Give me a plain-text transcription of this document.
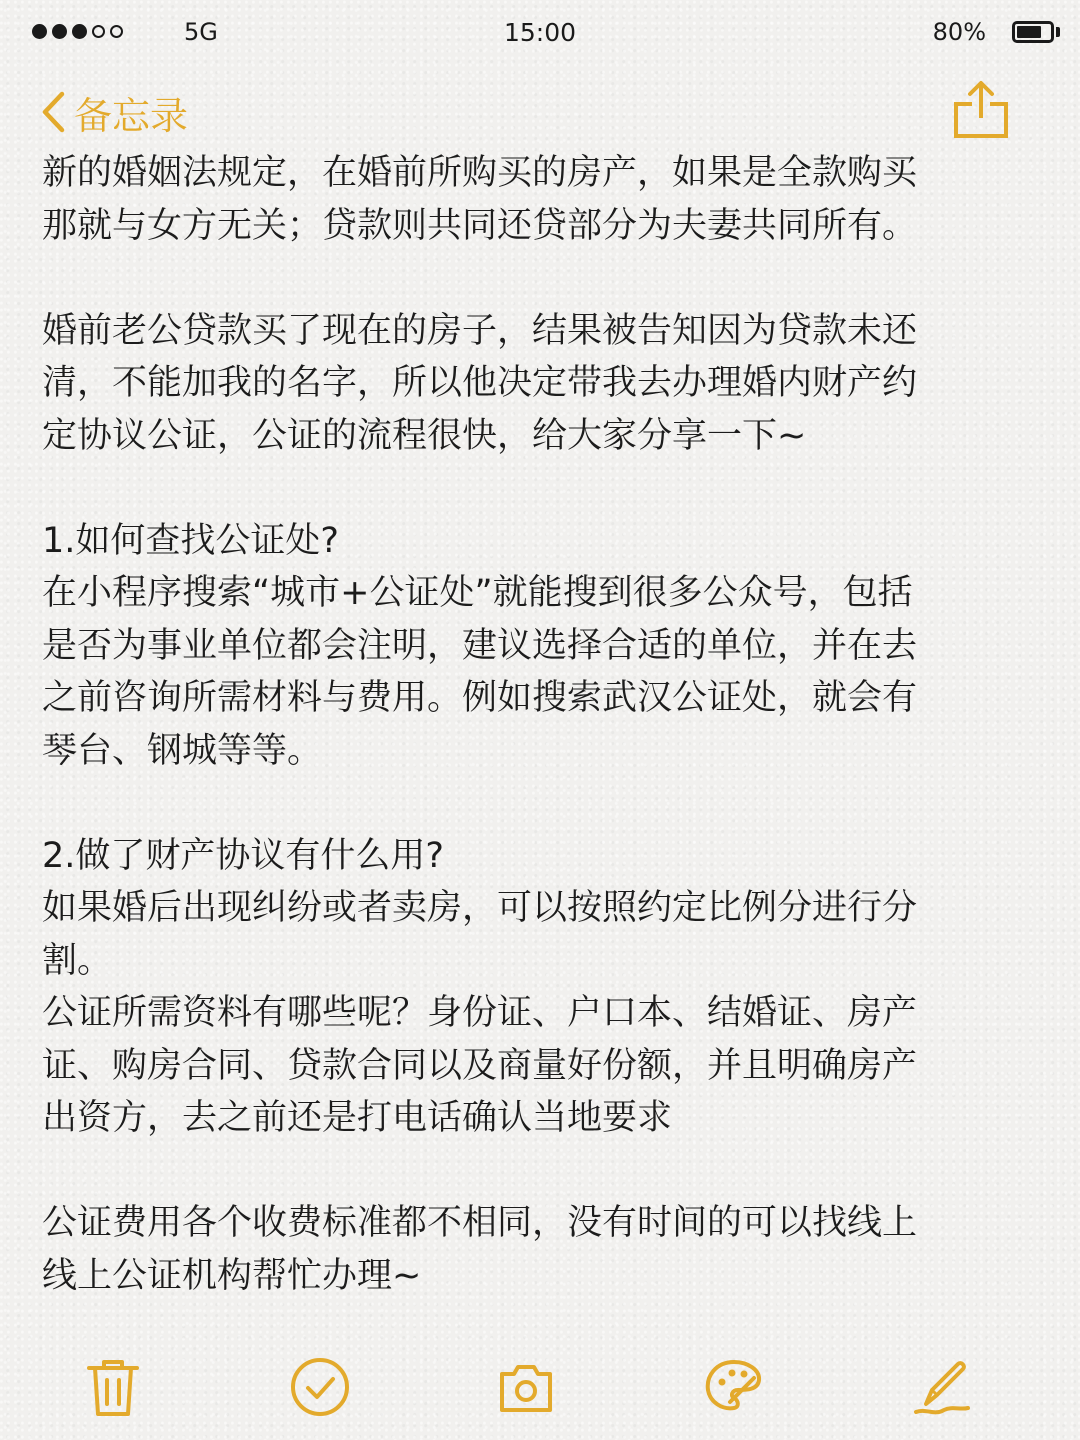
5G	15:00	80%
备忘录
新的婚姻法规定，在婚前所购买的房产，如果是全款购买
那就与女方无关；贷款则共同还贷部分为夫妻共同所有。
婚前老公贷款买了现在的房子，结果被告知因为贷款未还
清，不能加我的名字，所以他决定带我去办理婚内财产约
定协议公证，公证的流程很快，给大家分享一下~
1.如何查找公证处?
在小程序搜索“城市+公证处”就能搜到很多公众号，包括
是否为事业单位都会注明，建议选择合适的单位，并在去
之前咨询所需材料与费用。例如搜索武汉公证处，就会有
琴台、钢城等等。
2.做了财产协议有什么用?
如果婚后出现纠纷或者卖房，可以按照约定比例分进行分
割。
公证所需资料有哪些呢？身份证、户口本、结婚证、房产
证、购房合同、贷款合同以及商量好份额，并且明确房产
出资方，去之前还是打电话确认当地要求
公证费用各个收费标准都不相同，没有时间的可以找线上
线上公证机构帮忙办理~
